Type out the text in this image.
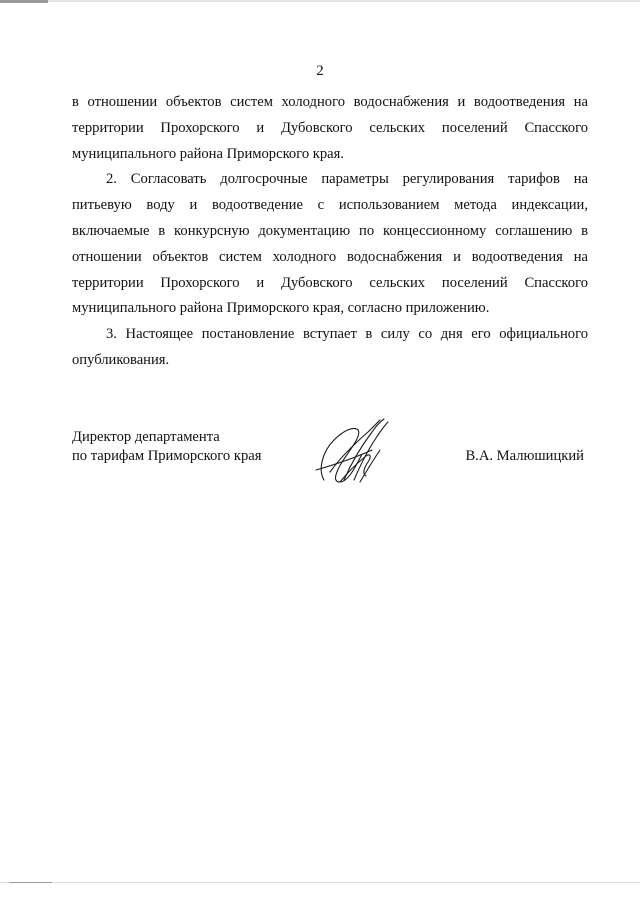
2

в отношении объектов систем холодного водоснабжения и водоотведения на территории Прохорского и Дубовского сельских поселений Спасского муниципального района Приморского края.

2. Согласовать долгосрочные параметры регулирования тарифов на питьевую воду и водоотведение с использованием метода индексации, включаемые в конкурсную документацию по концессионному соглашению в отношении объектов систем холодного водоснабжения и водоотведения на территории Прохорского и Дубовского сельских поселений Спасского муниципального района Приморского края, согласно приложению.

3. Настоящее постановление вступает в силу со дня его официального опубликования.

Директор департамента
по тарифам Приморского края	В.А. Малюшицкий
